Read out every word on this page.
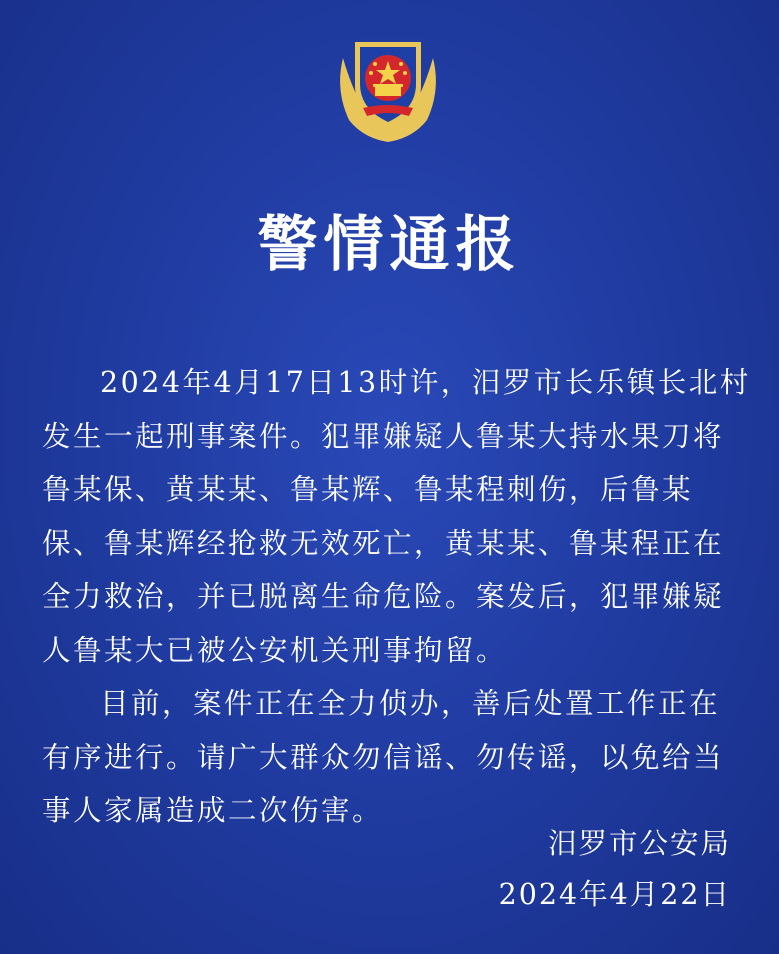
警情通报
2024年4月17日13时许，汨罗市长乐镇长北村
发生一起刑事案件。犯罪嫌疑人鲁某大持水果刀将
鲁某保、黄某某、鲁某辉、鲁某程刺伤，后鲁某
保、鲁某辉经抢救无效死亡，黄某某、鲁某程正在
全力救治，并已脱离生命危险。案发后，犯罪嫌疑
人鲁某大已被公安机关刑事拘留。
目前，案件正在全力侦办，善后处置工作正在
有序进行。请广大群众勿信谣、勿传谣，以免给当
事人家属造成二次伤害。
汨罗市公安局
2024年4月22日
